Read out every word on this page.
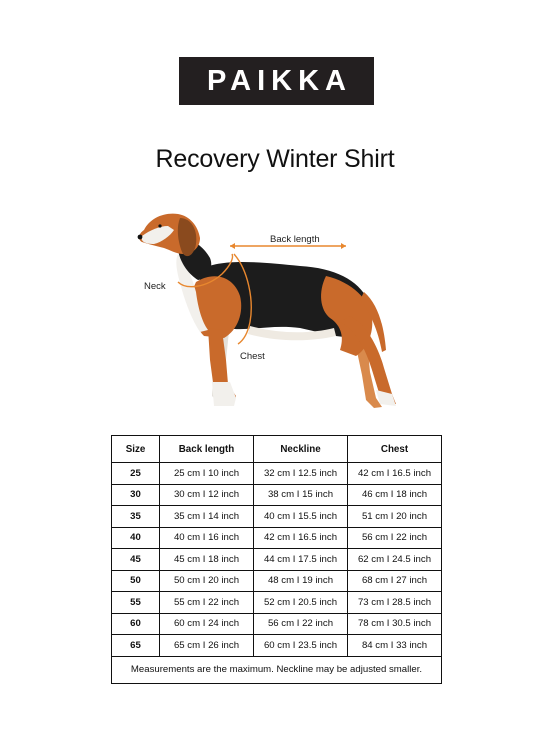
PAIKKA
Recovery Winter Shirt
Back length
Neck
Chest
Size	Back length	Neckline	Chest
25	25 cm I 10 inch	32 cm I 12.5 inch	42 cm I 16.5 inch
30	30 cm I 12 inch	38 cm I 15 inch	46 cm I 18 inch
35	35 cm I 14 inch	40 cm I 15.5 inch	51 cm I 20 inch
40	40 cm I 16 inch	42 cm I 16.5 inch	56 cm I 22 inch
45	45 cm I 18 inch	44 cm I 17.5 inch	62 cm I 24.5 inch
50	50 cm I 20 inch	48 cm I 19 inch	68 cm I 27 inch
55	55 cm I 22 inch	52 cm I 20.5 inch	73 cm I 28.5 inch
60	60 cm I 24 inch	56 cm I 22 inch	78 cm I 30.5 inch
65	65 cm I 26 inch	60 cm I 23.5 inch	84 cm I 33 inch
Measurements are the maximum. Neckline may be adjusted smaller.			
